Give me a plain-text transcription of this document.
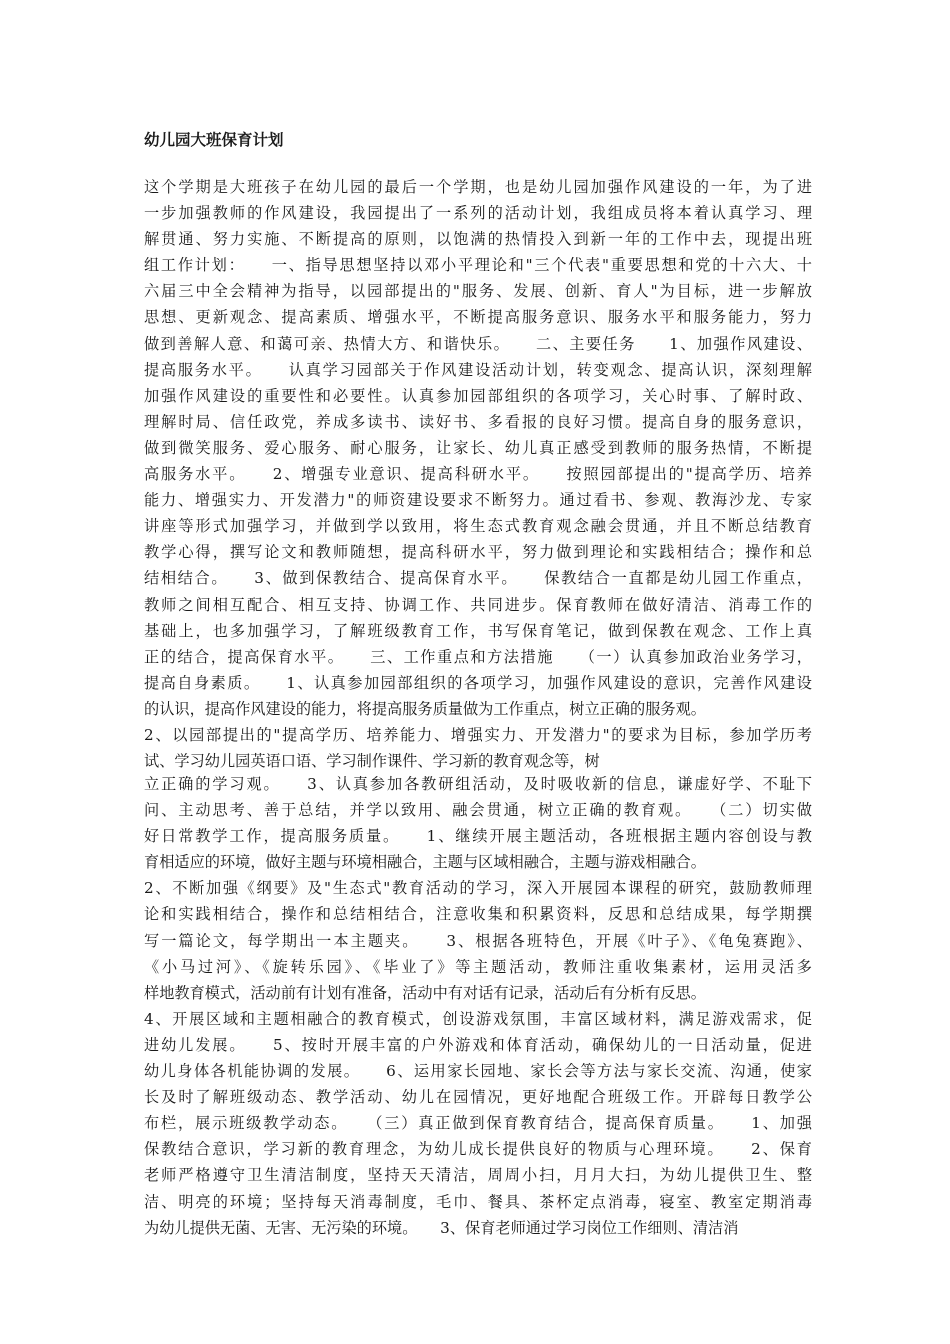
幼儿园大班保育计划
这个学期是大班孩子在幼儿园的最后一个学期，也是幼儿园加强作风建设的一年，为了进
一步加强教师的作风建设，我园提出了一系列的活动计划，我组成员将本着认真学习、理
解贯通、努力实施、不断提高的原则，以饱满的热情投入到新一年的工作中去，现提出班
组工作计划：　　一、指导思想坚持以邓小平理论和"三个代表"重要思想和党的十六大、十
六届三中全会精神为指导，以园部提出的"服务、发展、创新、育人"为目标，进一步解放
思想、更新观念、提高素质、增强水平，不断提高服务意识、服务水平和服务能力，努力
做到善解人意、和蔼可亲、热情大方、和谐快乐。　　二、主要任务　　1、加强作风建设、
提高服务水平。　　认真学习园部关于作风建设活动计划，转变观念、提高认识，深刻理解
加强作风建设的重要性和必要性。认真参加园部组织的各项学习，关心时事、了解时政、
理解时局、信任政党，养成多读书、读好书、多看报的良好习惯。提高自身的服务意识，
做到微笑服务、爱心服务、耐心服务，让家长、幼儿真正感受到教师的服务热情，不断提
高服务水平。　　2、增强专业意识、提高科研水平。　　按照园部提出的"提高学历、培养
能力、增强实力、开发潜力"的师资建设要求不断努力。通过看书、参观、教海沙龙、专家
讲座等形式加强学习，并做到学以致用，将生态式教育观念融会贯通，并且不断总结教育
教学心得，撰写论文和教师随想，提高科研水平，努力做到理论和实践相结合；操作和总
结相结合。　　3、做到保教结合、提高保育水平。　　保教结合一直都是幼儿园工作重点，
教师之间相互配合、相互支持、协调工作、共同进步。保育教师在做好清洁、消毒工作的
基础上，也多加强学习，了解班级教育工作，书写保育笔记，做到保教在观念、工作上真
正的结合，提高保育水平。　　三、工作重点和方法措施　　（一）认真参加政治业务学习，
提高自身素质。　　1、认真参加园部组织的各项学习，加强作风建设的意识，完善作风建设
的认识，提高作风建设的能力，将提高服务质量做为工作重点，树立正确的服务观。
2、以园部提出的"提高学历、培养能力、增强实力、开发潜力"的要求为目标，参加学历考
试、学习幼儿园英语口语、学习制作课件、学习新的教育观念等，树
立正确的学习观。　　3、认真参加各教研组活动，及时吸收新的信息，谦虚好学、不耻下
问、主动思考、善于总结，并学以致用、融会贯通，树立正确的教育观。　　（二）切实做
好日常教学工作，提高服务质量。　　1、继续开展主题活动，各班根据主题内容创设与教
育相适应的环境，做好主题与环境相融合，主题与区域相融合，主题与游戏相融合。
2、不断加强《纲要》及"生态式"教育活动的学习，深入开展园本课程的研究，鼓励教师理
论和实践相结合，操作和总结相结合，注意收集和积累资料，反思和总结成果，每学期撰
写一篇论文，每学期出一本主题夹。　　3、根据各班特色，开展《叶子》、《龟兔赛跑》、
《小马过河》、《旋转乐园》、《毕业了》等主题活动，教师注重收集素材，运用灵活多
样地教育模式，活动前有计划有准备，活动中有对话有记录，活动后有分析有反思。
4、开展区域和主题相融合的教育模式，创设游戏氛围，丰富区域材料，满足游戏需求，促
进幼儿发展。　　5、按时开展丰富的户外游戏和体育活动，确保幼儿的一日活动量，促进
幼儿身体各机能协调的发展。　　6、运用家长园地、家长会等方法与家长交流、沟通，使家
长及时了解班级动态、教学活动、幼儿在园情况，更好地配合班级工作。开辟每日教学公
布栏，展示班级教学动态。　　（三）真正做到保育教育结合，提高保育质量。　　1、加强
保教结合意识，学习新的教育理念，为幼儿成长提供良好的物质与心理环境。　　2、保育
老师严格遵守卫生清洁制度，坚持天天清洁，周周小扫，月月大扫，为幼儿提供卫生、整
洁、明亮的环境；坚持每天消毒制度，毛巾、餐具、茶杯定点消毒，寝室、教室定期消毒
为幼儿提供无菌、无害、无污染的环境。　　3、保育老师通过学习岗位工作细则、清洁消
